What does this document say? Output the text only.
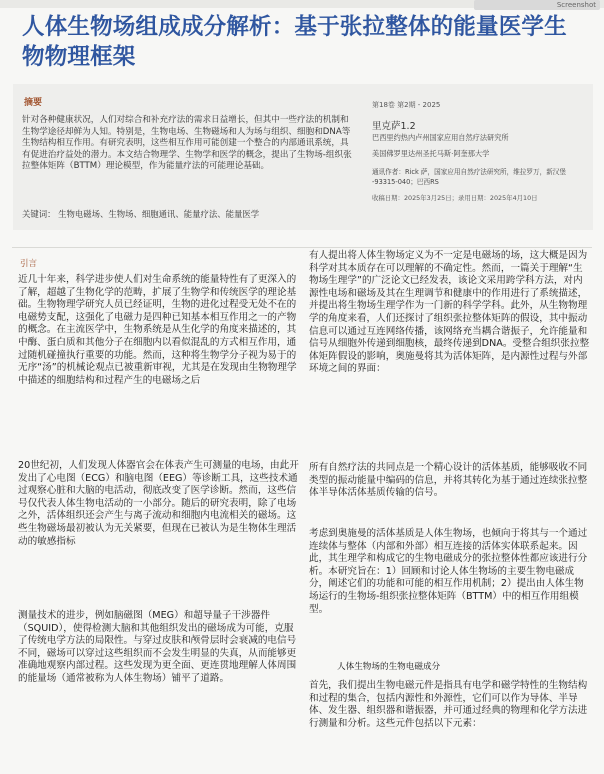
Screenshot
人体生物场组成成分解析：基于张拉整体的能量医学生物物理框架
摘要
针对各种健康状况，人们对综合和补充疗法的需求日益增长，但其中一些疗法的机制和生物学途径却鲜为人知。特别是，生物电场、生物磁场和人为场与组织、细胞和DNA等生物结构相互作用。有研究表明，这些相互作用可能创建一个整合的内部通讯系统，具有促进治疗益处的潜力。本文结合物理学、生物学和医学的概念，提出了生物场-组织张拉整体矩阵（BTTM）理论模型，作为能量疗法的可能理论基础。
关键词： 生物电磁场、生物场、细胞通讯、能量疗法、能量医学
第18卷 第2期 - 2025
里克萨1.2
巴西里约热内卢州国家应用自然疗法研究所
美国佛罗里达州圣托马斯·阿奎那大学
通讯作者：Rick 萨，国家应用自然疗法研究所，维拉罗万，新汉堡 -93315-040；巴西RS
收稿日期：2025年3月25日；录用日期：2025年4月10日
引言
近几十年来，科学进步使人们对生命系统的能量特性有了更深入的了解，超越了生物化学的范畴，扩展了生物学和传统医学的理论基础。生物物理学研究人员已经证明，生物的进化过程受无处不在的电磁势支配，这强化了电磁力是四种已知基本相互作用之一的产物的概念。在主流医学中，生物系统是从生化学的角度来描述的，其中酶、蛋白质和其他分子在细胞内以看似混乱的方式相互作用，通过随机碰撞执行重要的功能。然而，这种将生物学分子视为易于的无序“汤”的机械论观点已被重新审视，尤其是在发现由生物物理学中描述的细胞结构和过程产生的电磁场之后
有人提出将人体生物场定义为不一定是电磁场的场，这大概是因为科学对其本质存在可以理解的不确定性。然而，一篇关于理解“生物场生理学”的广泛论文已经发表，该论文采用跨学科方法，对内源性电场和磁场及其在生理调节和健康中的作用进行了系统描述，并提出将生物场生理学作为一门新的科学学科。此外，从生物物理学的角度来看，人们还探讨了组织张拉整体矩阵的假设，其中振动信息可以通过互连网络传播，该网络充当耦合谐振子，允许能量和信号从细胞外传递到细胞核，最终传递到DNA。受整合组织张拉整体矩阵假设的影响，奥施曼将其为活体矩阵，是内源性过程与外部环境之间的界面：
20世纪初，人们发现人体器官会在体表产生可测量的电场，由此开发出了心电图（ECG）和脑电图（EEG）等诊断工具，这些技术通过观察心脏和大脑的电活动，彻底改变了医学诊断。然而，这些信号仅代表人体生物电活动的一小部分。随后的研究表明，除了电场之外，活体组织还会产生与离子流动和细胞内电流相关的磁场。这些生物磁场最初被认为无关紧要，但现在已被认为是生物体生理活动的敏感指标
所有自然疗法的共同点是一个精心设计的活体基质，能够吸收不同类型的振动能量中编码的信息，并将其转化为基于通过连续张拉整体半导体活体基质传输的信号。
考虑到奥施曼的活体基质是人体生物场，也倾向于将其与一个通过连续体与整体（内部和外部）相互连接的活体实体联系起来。因此，其生理学和构成它的生物电磁成分的张拉整体性都应该进行分析。本研究旨在：1）回顾和讨论人体生物场的主要生物电磁成分，阐述它们的功能和可能的相互作用机制；2）提出由人体生物场运行的生物场-组织张拉整体矩阵（BTTM）中的相互作用组模型。
测量技术的进步，例如脑磁图（MEG）和超导量子干涉器件（SQUID），使得检测大脑和其他组织发出的磁场成为可能，克服了传统电学方法的局限性。与穿过皮肤和颅骨层时会衰减的电信号不同，磁场可以穿过这些组织而不会发生明显的失真，从而能够更准确地观察内部过程。这些发现为更全面、更连贯地理解人体周围的能量场（通常被称为人体生物场）铺平了道路。
人体生物场的生物电磁成分
首先，我们提出生物电磁元件是指具有电学和磁学特性的生物结构和过程的集合，包括内源性和外源性，它们可以作为导体、半导体、发生器、组织器和谐振器，并可通过经典的物理和化学方法进行测量和分析。这些元件包括以下元素：
